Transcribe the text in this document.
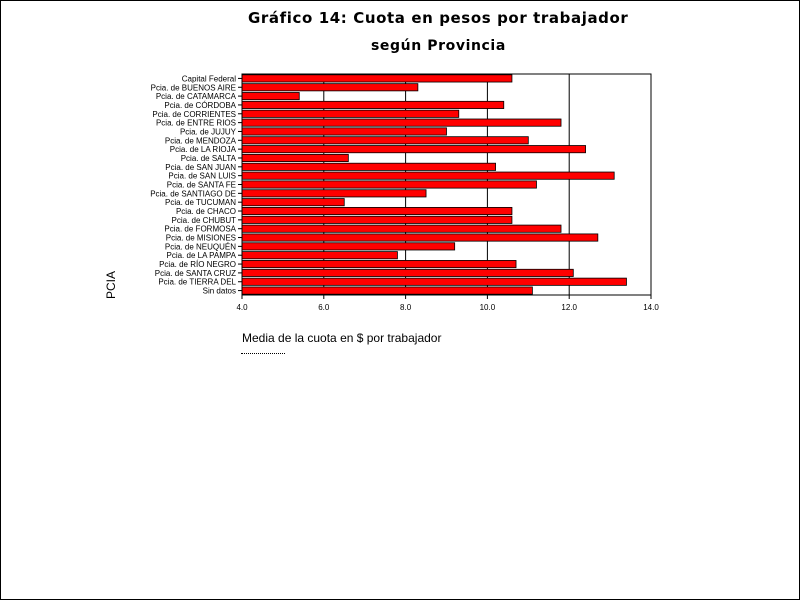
Gráfico 14: Cuota en pesos por trabajador
según Provincia
Capital Federal
Pcia. de BUENOS AIRE
Pcia. de CATAMARCA
Pcia. de CÓRDOBA
Pcia. de CORRIENTES
Pcia. de ENTRE RIOS
Pcia. de JUJUY
Pcia. de MENDOZA
Pcia. de LA RIOJA
Pcia. de SALTA
Pcia. de SAN JUAN
Pcia. de SAN LUIS
Pcia. de SANTA FE
Pcia. de SANTIAGO DE
Pcia. de TUCUMAN
Pcia. de CHACO
Pcia. de CHUBUT
Pcia. de FORMOSA
Pcia. de MISIONES
Pcia. de NEUQUÉN
Pcia. de LA PAMPA
Pcia. de RÍO NEGRO
Pcia. de SANTA CRUZ
Pcia. de TIERRA DEL
Sin datos
4.0	6.0	8.0	10.0	12.0	14.0
Media de la cuota en $ por trabajador
PCIA
